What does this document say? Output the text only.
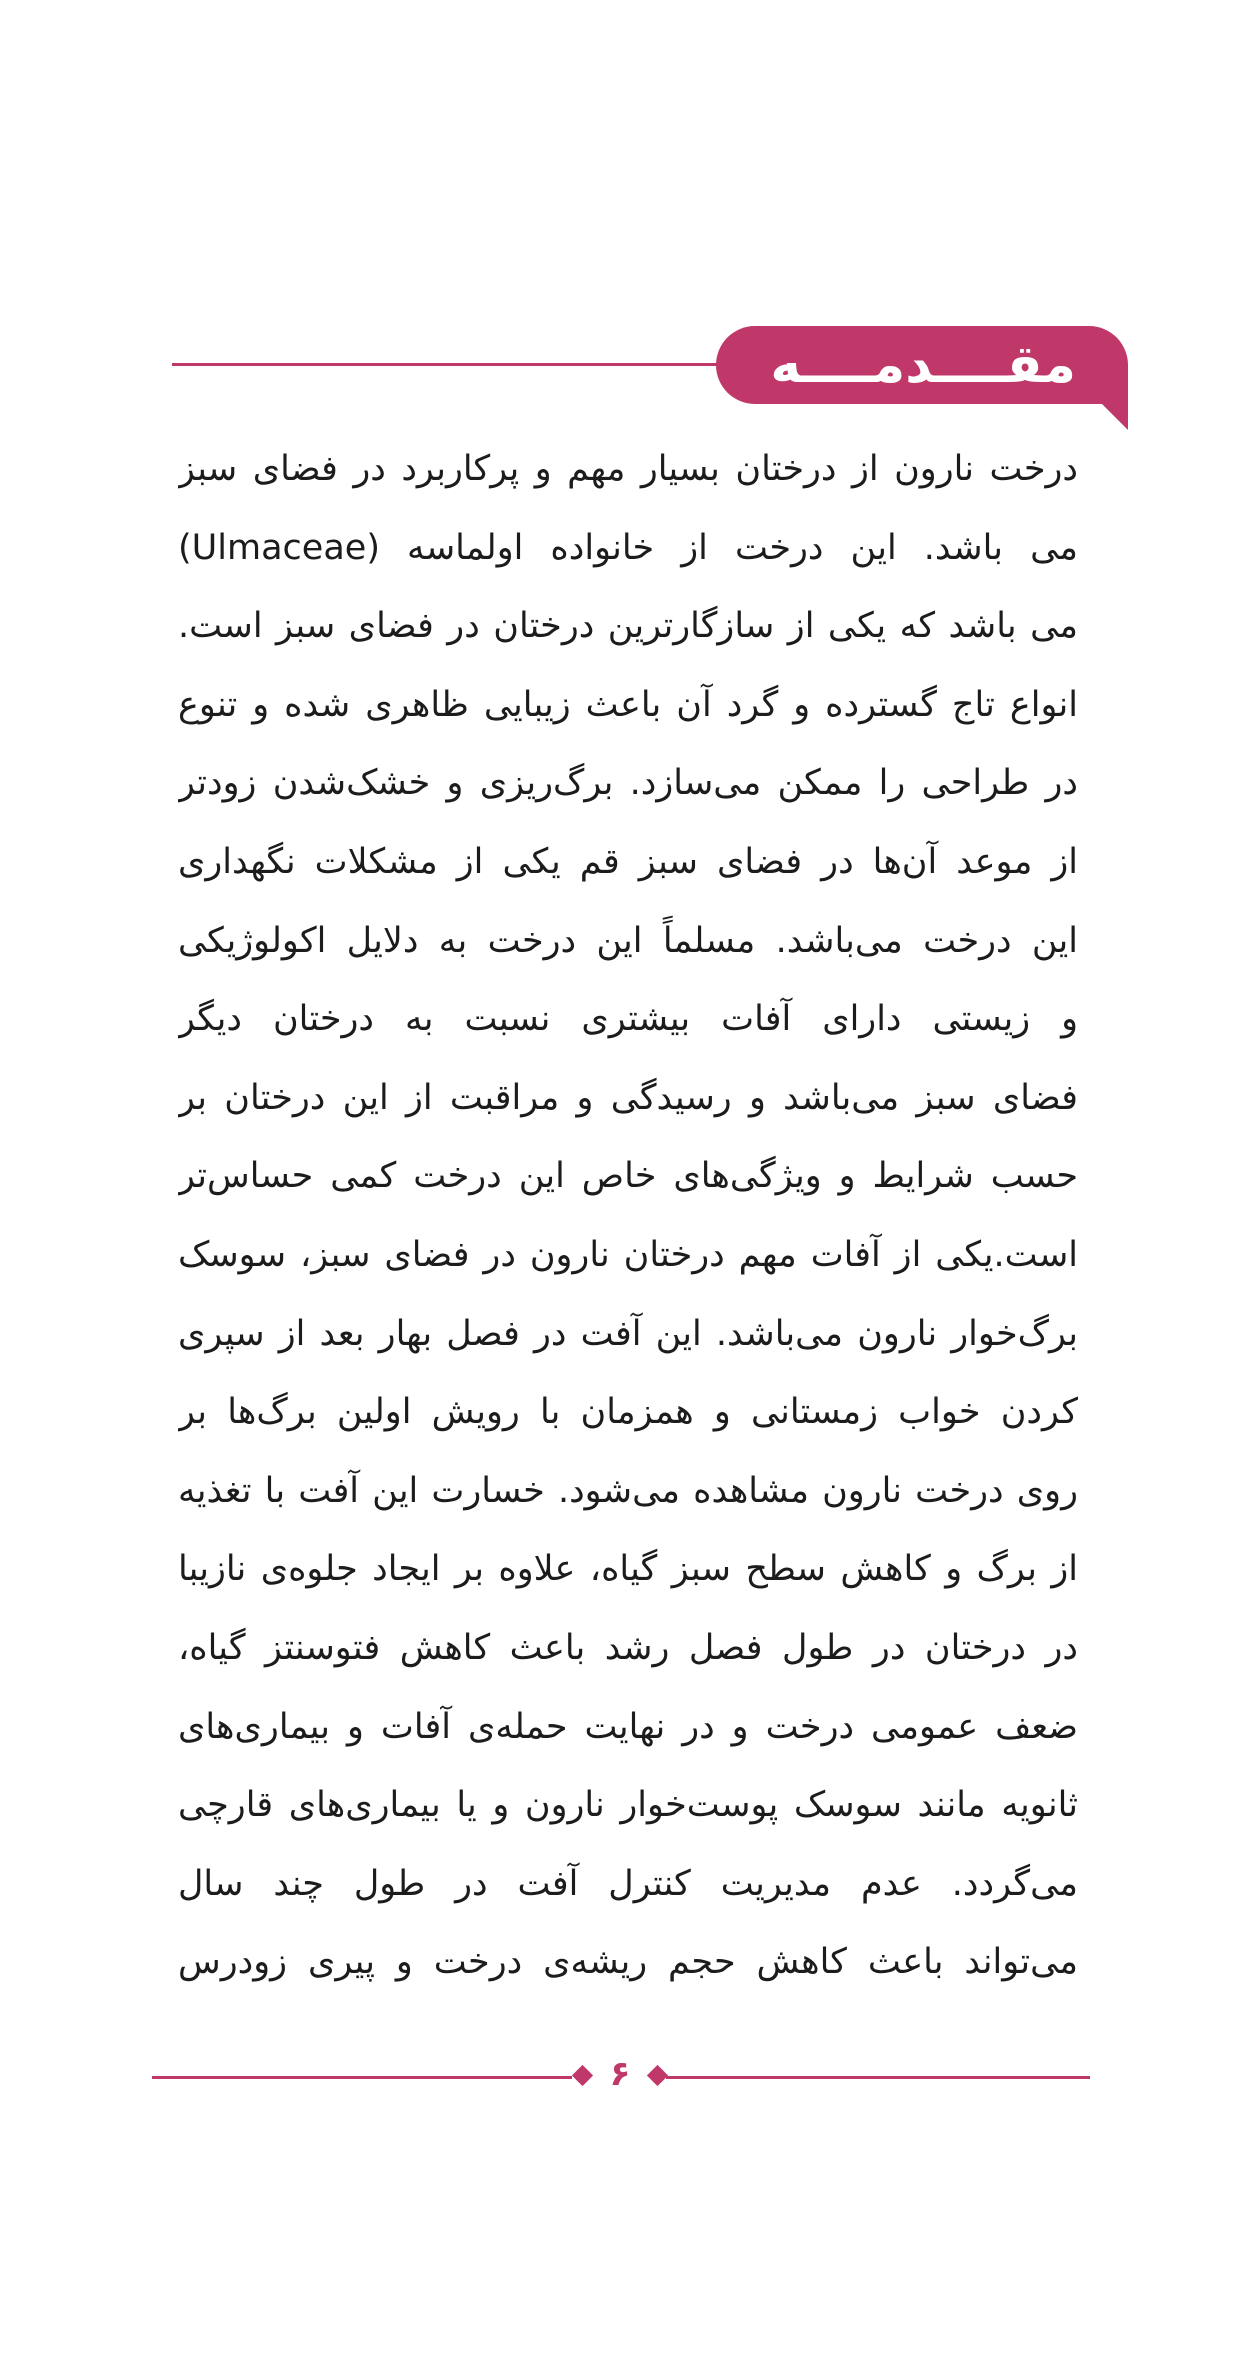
مقــــدمــــه
درخت نارون از درختان بسیار مهم و پرکاربرد در فضای سبز
می باشد. این درخت از خانواده اولماسه (Ulmaceae)
می باشد که یکی از سازگارترین درختان در فضای سبز است.
انواع تاج گسترده و گرد آن باعث زیبایی ظاهری شده و تنوع
در طراحی را ممکن می‌سازد. برگ‌ریزی و خشک‌شدن زودتر
از موعد آن‌ها در فضای سبز قم یکی از مشکلات نگهداری
این درخت می‌باشد. مسلماً این درخت به دلایل اکولوژیکی
و زیستی دارای آفات بیشتری نسبت به درختان دیگر
فضای سبز می‌باشد و رسیدگی و مراقبت از این درختان بر
حسب شرایط و ویژگی‌های خاص این درخت کمی حساس‌تر
است.یکی از آفات مهم درختان نارون در فضای سبز، سوسک
برگ‌خوار نارون می‌باشد. این آفت در فصل بهار بعد از سپری
کردن خواب زمستانی و همزمان با رویش اولین برگ‌ها بر
روی درخت نارون مشاهده می‌شود. خسارت این آفت با تغذیه
از برگ و کاهش سطح سبز گیاه، علاوه بر ایجاد جلوه‌ی نازیبا
در درختان در طول فصل رشد باعث کاهش فتوسنتز گیاه،
ضعف عمومی درخت و در نهایت حمله‌ی آفات و بیماری‌های
ثانویه مانند سوسک پوست‌خوار نارون و یا بیماری‌های قارچی
می‌گردد. عدم مدیریت کنترل آفت در طول چند سال
می‌تواند باعث کاهش حجم ریشه‌ی درخت و پیری زودرس
۶
